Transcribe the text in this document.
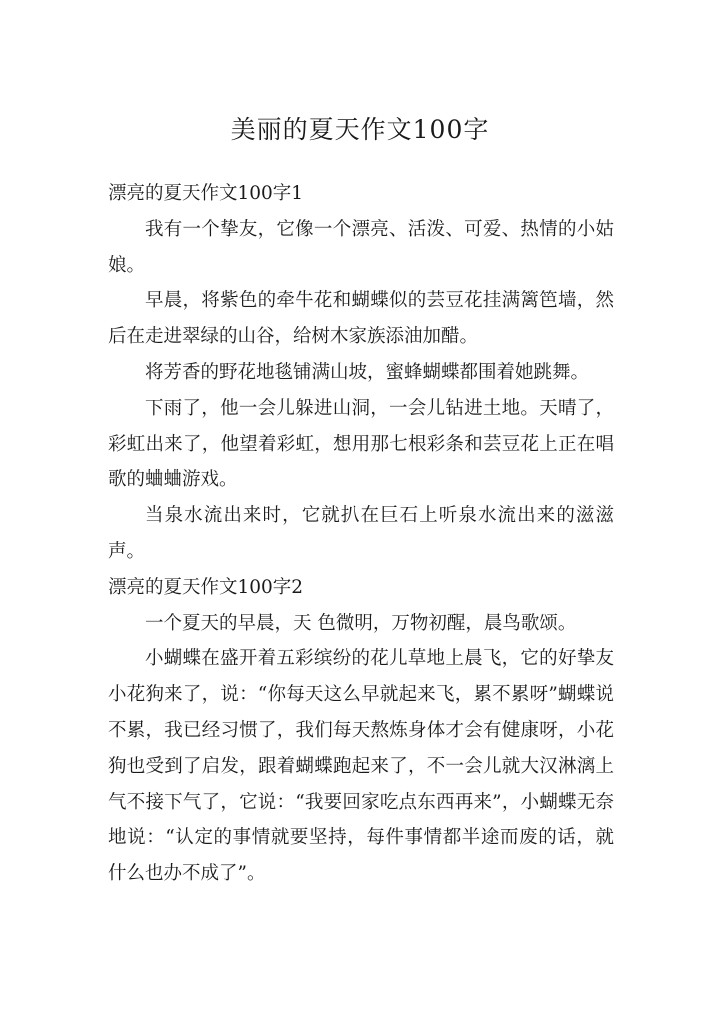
美丽的夏天作文100字

漂亮的夏天作文100字1

我有一个挚友，它像一个漂亮、活泼、可爱、热情的小姑娘。

早晨，将紫色的牵牛花和蝴蝶似的芸豆花挂满篱笆墙，然后在走进翠绿的山谷，给树木家族添油加醋。

将芳香的野花地毯铺满山坡，蜜蜂蝴蝶都围着她跳舞。

下雨了，他一会儿躲进山洞，一会儿钻进土地。天晴了，彩虹出来了，他望着彩虹，想用那七根彩条和芸豆花上正在唱歌的蛐蛐游戏。

当泉水流出来时，它就扒在巨石上听泉水流出来的滋滋声。

漂亮的夏天作文100字2

一个夏天的早晨，天 色微明，万物初醒，晨鸟歌颂。

小蝴蝶在盛开着五彩缤纷的花儿草地上晨飞，它的好挚友小花狗来了，说：“你每天这么早就起来飞，累不累呀”蝴蝶说不累，我已经习惯了，我们每天熬炼身体才会有健康呀，小花狗也受到了启发，跟着蝴蝶跑起来了，不一会儿就大汉淋漓上气不接下气了，它说：“我要回家吃点东西再来”，小蝴蝶无奈地说：“认定的事情就要坚持，每件事情都半途而废的话，就什么也办不成了”。
